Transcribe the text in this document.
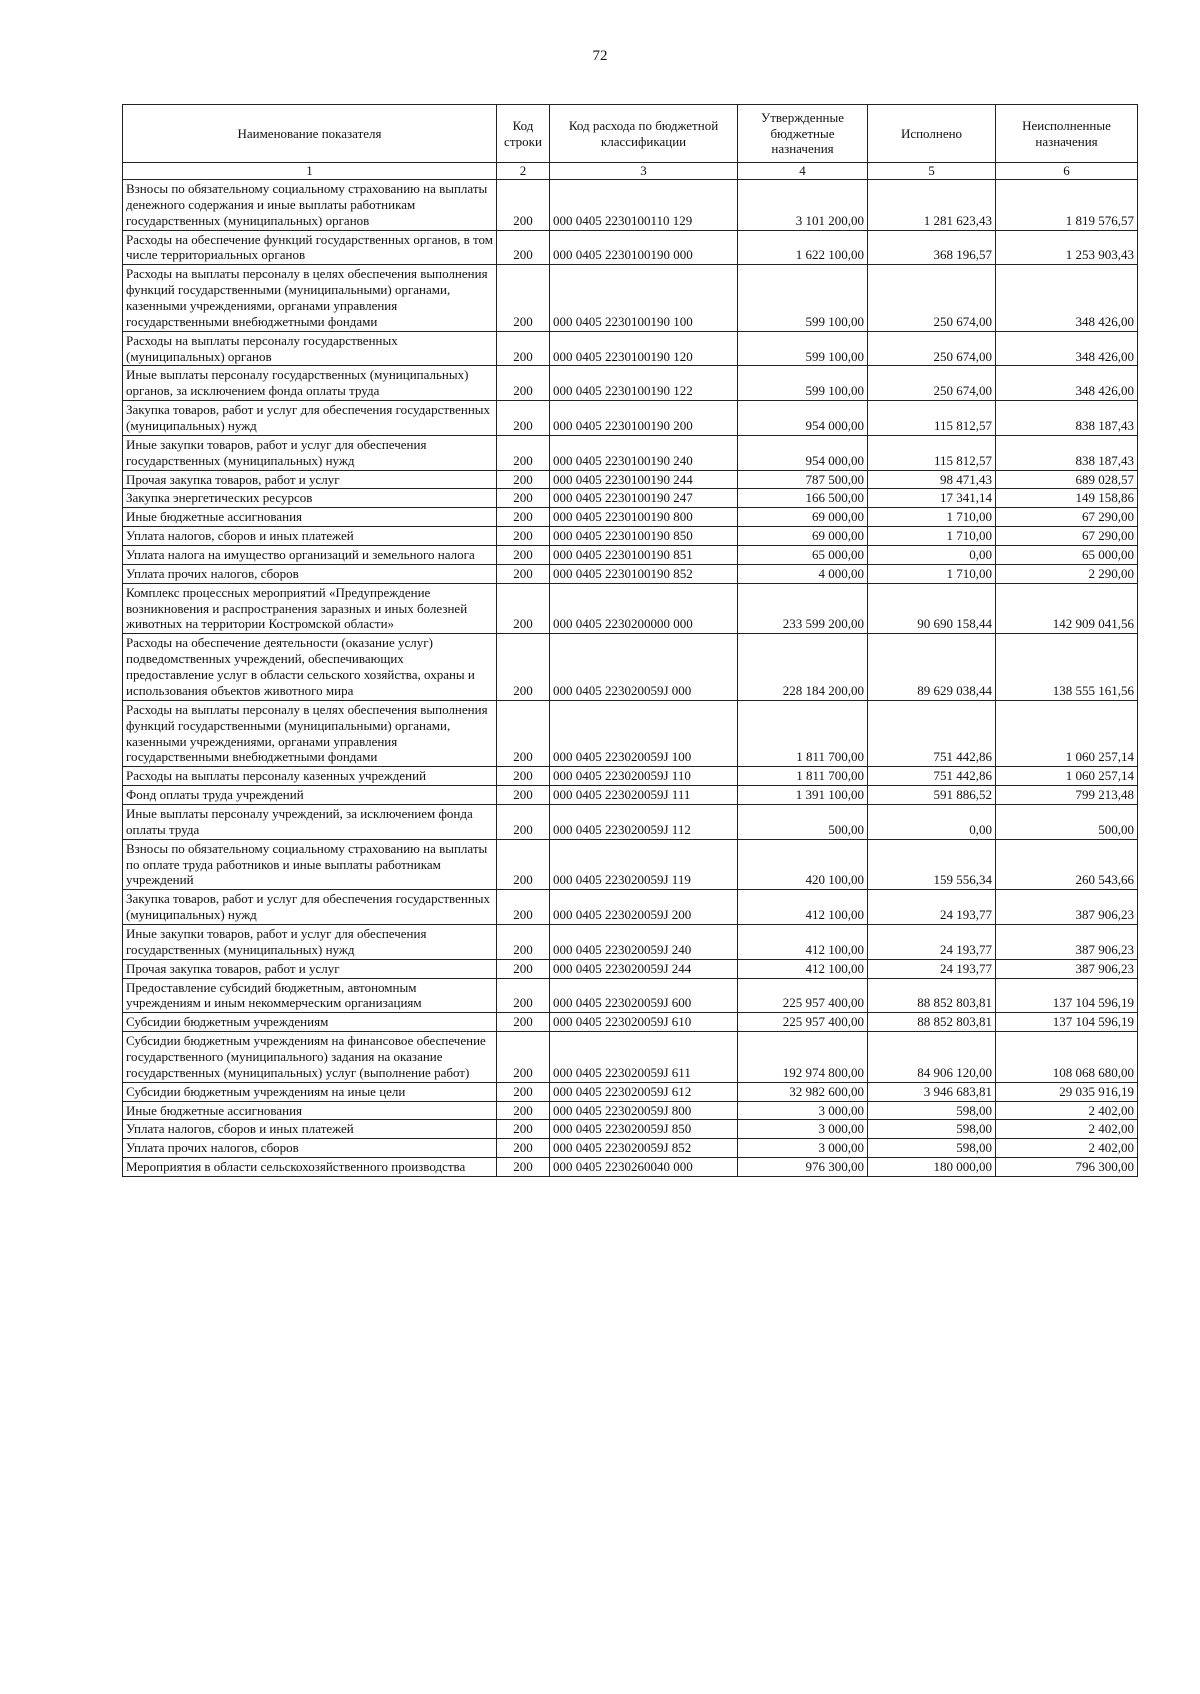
72
Наименование показателя	Код строки	Код расхода по бюджетной классификации	Утвержденные бюджетные назначения	Исполнено	Неисполненные назначения
1	2	3	4	5	6
Взносы по обязательному социальному страхованию на выплаты денежного содержания и иные выплаты работникам государственных (муниципальных) органов	200	000 0405 2230100110 129	3 101 200,00	1 281 623,43	1 819 576,57
Расходы на обеспечение функций государственных органов, в том числе территориальных органов	200	000 0405 2230100190 000	1 622 100,00	368 196,57	1 253 903,43
Расходы на выплаты персоналу в целях обеспечения выполнения функций государственными (муниципальными) органами, казенными учреждениями, органами управления государственными внебюджетными фондами	200	000 0405 2230100190 100	599 100,00	250 674,00	348 426,00
Расходы на выплаты персоналу государственных (муниципальных) органов	200	000 0405 2230100190 120	599 100,00	250 674,00	348 426,00
Иные выплаты персоналу государственных (муниципальных) органов, за исключением фонда оплаты труда	200	000 0405 2230100190 122	599 100,00	250 674,00	348 426,00
Закупка товаров, работ и услуг для обеспечения государственных (муниципальных) нужд	200	000 0405 2230100190 200	954 000,00	115 812,57	838 187,43
Иные закупки товаров, работ и услуг для обеспечения государственных (муниципальных) нужд	200	000 0405 2230100190 240	954 000,00	115 812,57	838 187,43
Прочая закупка товаров, работ и услуг	200	000 0405 2230100190 244	787 500,00	98 471,43	689 028,57
Закупка энергетических ресурсов	200	000 0405 2230100190 247	166 500,00	17 341,14	149 158,86
Иные бюджетные ассигнования	200	000 0405 2230100190 800	69 000,00	1 710,00	67 290,00
Уплата налогов, сборов и иных платежей	200	000 0405 2230100190 850	69 000,00	1 710,00	67 290,00
Уплата налога на имущество организаций и земельного налога	200	000 0405 2230100190 851	65 000,00	0,00	65 000,00
Уплата прочих налогов, сборов	200	000 0405 2230100190 852	4 000,00	1 710,00	2 290,00
Комплекс процессных мероприятий «Предупреждение возникновения и распространения заразных и иных болезней животных на территории Костромской области»	200	000 0405 2230200000 000	233 599 200,00	90 690 158,44	142 909 041,56
Расходы на обеспечение деятельности (оказание услуг) подведомственных учреждений, обеспечивающих предоставление услуг в области сельского хозяйства, охраны и использования объектов животного мира	200	000 0405 223020059J 000	228 184 200,00	89 629 038,44	138 555 161,56
Расходы на выплаты персоналу в целях обеспечения выполнения функций государственными (муниципальными) органами, казенными учреждениями, органами управления государственными внебюджетными фондами	200	000 0405 223020059J 100	1 811 700,00	751 442,86	1 060 257,14
Расходы на выплаты персоналу казенных учреждений	200	000 0405 223020059J 110	1 811 700,00	751 442,86	1 060 257,14
Фонд оплаты труда учреждений	200	000 0405 223020059J 111	1 391 100,00	591 886,52	799 213,48
Иные выплаты персоналу учреждений, за исключением фонда оплаты труда	200	000 0405 223020059J 112	500,00	0,00	500,00
Взносы по обязательному социальному страхованию на выплаты по оплате труда работников и иные выплаты работникам учреждений	200	000 0405 223020059J 119	420 100,00	159 556,34	260 543,66
Закупка товаров, работ и услуг для обеспечения государственных (муниципальных) нужд	200	000 0405 223020059J 200	412 100,00	24 193,77	387 906,23
Иные закупки товаров, работ и услуг для обеспечения государственных (муниципальных) нужд	200	000 0405 223020059J 240	412 100,00	24 193,77	387 906,23
Прочая закупка товаров, работ и услуг	200	000 0405 223020059J 244	412 100,00	24 193,77	387 906,23
Предоставление субсидий бюджетным, автономным учреждениям и иным некоммерческим организациям	200	000 0405 223020059J 600	225 957 400,00	88 852 803,81	137 104 596,19
Субсидии бюджетным учреждениям	200	000 0405 223020059J 610	225 957 400,00	88 852 803,81	137 104 596,19
Субсидии бюджетным учреждениям на финансовое обеспечение государственного (муниципального) задания на оказание государственных (муниципальных) услуг (выполнение работ)	200	000 0405 223020059J 611	192 974 800,00	84 906 120,00	108 068 680,00
Субсидии бюджетным учреждениям на иные цели	200	000 0405 223020059J 612	32 982 600,00	3 946 683,81	29 035 916,19
Иные бюджетные ассигнования	200	000 0405 223020059J 800	3 000,00	598,00	2 402,00
Уплата налогов, сборов и иных платежей	200	000 0405 223020059J 850	3 000,00	598,00	2 402,00
Уплата прочих налогов, сборов	200	000 0405 223020059J 852	3 000,00	598,00	2 402,00
Мероприятия в области сельскохозяйственного производства	200	000 0405 2230260040 000	976 300,00	180 000,00	796 300,00
